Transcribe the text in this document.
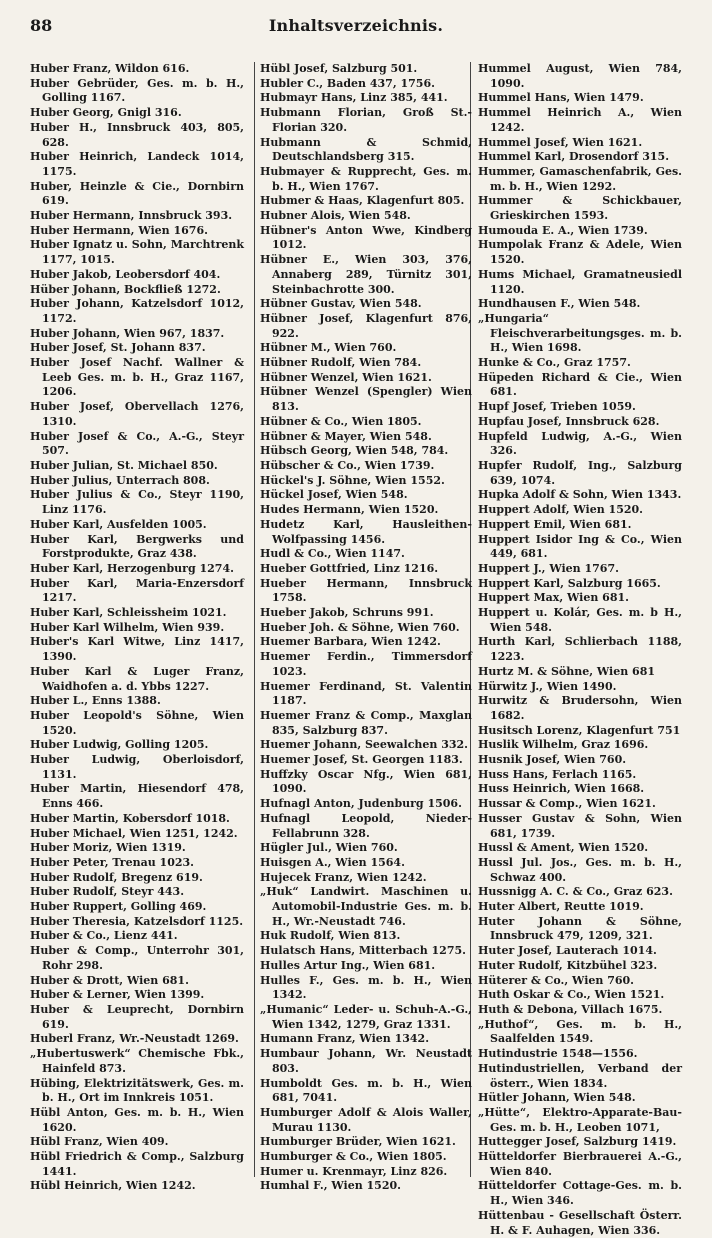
88	Inhaltsverzeichnis.
Huber Franz, Wildon 616.
Huber Gebrüder, Ges. m. b. H., Golling 1167.
Huber Georg, Gnigl 316.
Huber H., Innsbruck 403, 805, 628.
Huber Heinrich, Landeck 1014, 1175.
Huber, Heinzle & Cie., Dornbirn 619.
Huber Hermann, Innsbruck 393.
Huber Hermann, Wien 1676.
Huber Ignatz u. Sohn, Marchtrenk 1177, 1015.
Huber Jakob, Leobersdorf 404.
Hüber Johann, Bockfließ 1272.
Huber Johann, Katzelsdorf 1012, 1172.
Huber Johann, Wien 967, 1837.
Huber Josef, St. Johann 837.
Huber Josef Nachf. Wallner & Leeb Ges. m. b. H., Graz 1167, 1206.
Huber Josef, Obervellach 1276, 1310.
Huber Josef & Co., A.-G., Steyr 507.
Huber Julian, St. Michael 850.
Huber Julius, Unterrach 808.
Huber Julius & Co., Steyr 1190, Linz 1176.
Huber Karl, Ausfelden 1005.
Huber Karl, Bergwerks und Forstprodukte, Graz 438.
Huber Karl, Herzogenburg 1274.
Huber Karl, Maria-Enzersdorf 1217.
Huber Karl, Schleissheim 1021.
Huber Karl Wilhelm, Wien 939.
Huber's Karl Witwe, Linz 1417, 1390.
Huber Karl & Luger Franz, Waidhofen a. d. Ybbs 1227.
Huber L., Enns 1388.
Huber Leopold's Söhne, Wien 1520.
Huber Ludwig, Golling 1205.
Huber Ludwig, Oberloisdorf, 1131.
Huber Martin, Hiesendorf 478, Enns 466.
Huber Martin, Kobersdorf 1018.
Huber Michael, Wien 1251, 1242.
Huber Moriz, Wien 1319.
Huber Peter, Trenau 1023.
Huber Rudolf, Bregenz 619.
Huber Rudolf, Steyr 443.
Huber Ruppert, Golling 469.
Huber Theresia, Katzelsdorf 1125.
Huber & Co., Lienz 441.
Huber & Comp., Unterrohr 301, Rohr 298.
Huber & Drott, Wien 681.
Huber & Lerner, Wien 1399.
Huber & Leuprecht, Dornbirn 619.
Huberl Franz, Wr.-Neustadt 1269.
„Hubertuswerk“ Chemische Fbk., Hainfeld 873.
Hübing, Elektrizitätswerk, Ges. m. b. H., Ort im Innkreis 1051.
Hübl Anton, Ges. m. b. H., Wien 1620.
Hübl Franz, Wien 409.
Hübl Friedrich & Comp., Salzburg 1441.
Hübl Heinrich, Wien 1242.
Hübl Josef, Salzburg 501.
Hubler C., Baden 437, 1756.
Hubmayr Hans, Linz 385, 441.
Hubmann Florian, Groß St.-Florian 320.
Hubmann & Schmid, Deutschlandsberg 315.
Hubmayer & Rupprecht, Ges. m. b. H., Wien 1767.
Hubmer & Haas, Klagenfurt 805.
Hubner Alois, Wien 548.
Hübner's Anton Wwe, Kindberg 1012.
Hübner E., Wien 303, 376, Annaberg 289, Türnitz 301, Steinbachrotte 300.
Hübner Gustav, Wien 548.
Hübner Josef, Klagenfurt 876, 922.
Hübner M., Wien 760.
Hübner Rudolf, Wien 784.
Hübner Wenzel, Wien 1621.
Hübner Wenzel (Spengler) Wien 813.
Hübner & Co., Wien 1805.
Hübner & Mayer, Wien 548.
Hübsch Georg, Wien 548, 784.
Hübscher & Co., Wien 1739.
Hückel's J. Söhne, Wien 1552.
Hückel Josef, Wien 548.
Hudes Hermann, Wien 1520.
Hudetz Karl, Hausleithen-Wolfpassing 1456.
Hudl & Co., Wien 1147.
Hueber Gottfried, Linz 1216.
Hueber Hermann, Innsbruck 1758.
Hueber Jakob, Schruns 991.
Hueber Joh. & Söhne, Wien 760.
Huemer Barbara, Wien 1242.
Huemer Ferdin., Timmersdorf 1023.
Huemer Ferdinand, St. Valentin 1187.
Huemer Franz & Comp., Maxglan 835, Salzburg 837.
Huemer Johann, Seewalchen 332.
Huemer Josef, St. Georgen 1183.
Huffzky Oscar Nfg., Wien 681, 1090.
Hufnagl Anton, Judenburg 1506.
Hufnagl Leopold, Nieder-Fellabrunn 328.
Hügler Jul., Wien 760.
Huisgen A., Wien 1564.
Hujecek Franz, Wien 1242.
„Huk“ Landwirt. Maschinen u. Automobil-Industrie Ges. m. b. H., Wr.-Neustadt 746.
Huk Rudolf, Wien 813.
Hulatsch Hans, Mitterbach 1275.
Hulles Artur Ing., Wien 681.
Hulles F., Ges. m. b. H., Wien 1342.
„Humanic“ Leder- u. Schuh-A.-G., Wien 1342, 1279, Graz 1331.
Humann Franz, Wien 1342.
Humbaur Johann, Wr. Neustadt 803.
Humboldt Ges. m. b. H., Wien 681, 7041.
Humburger Adolf & Alois Waller, Murau 1130.
Humburger Brüder, Wien 1621.
Humburger & Co., Wien 1805.
Humer u. Krenmayr, Linz 826.
Humhal F., Wien 1520.
Hummel August, Wien 784, 1090.
Hummel Hans, Wien 1479.
Hummel Heinrich A., Wien 1242.
Hummel Josef, Wien 1621.
Hummel Karl, Drosendorf 315.
Hummer, Gamaschenfabrik, Ges. m. b. H., Wien 1292.
Hummer & Schickbauer, Grieskirchen 1593.
Humouda E. A., Wien 1739.
Humpolak Franz & Adele, Wien 1520.
Hums Michael, Gramatneusiedl 1120.
Hundhausen F., Wien 548.
„Hungaria“ Fleischverarbeitungsges. m. b. H., Wien 1698.
Hunke & Co., Graz 1757.
Hüpeden Richard & Cie., Wien 681.
Hupf Josef, Trieben 1059.
Hupfau Josef, Innsbruck 628.
Hupfeld Ludwig, A.-G., Wien 326.
Hupfer Rudolf, Ing., Salzburg 639, 1074.
Hupka Adolf & Sohn, Wien 1343.
Huppert Adolf, Wien 1520.
Huppert Emil, Wien 681.
Huppert Isidor Ing & Co., Wien 449, 681.
Huppert J., Wien 1767.
Huppert Karl, Salzburg 1665.
Huppert Max, Wien 681.
Huppert u. Kolár, Ges. m. b H., Wien 548.
Hurth Karl, Schlierbach 1188, 1223.
Hurtz M. & Söhne, Wien 681
Hürwitz J., Wien 1490.
Hurwitz & Brudersohn, Wien 1682.
Husitsch Lorenz, Klagenfurt 751
Huslik Wilhelm, Graz 1696.
Husnik Josef, Wien 760.
Huss Hans, Ferlach 1165.
Huss Heinrich, Wien 1668.
Hussar & Comp., Wien 1621.
Husser Gustav & Sohn, Wien 681, 1739.
Hussl & Ament, Wien 1520.
Hussl Jul. Jos., Ges. m. b. H., Schwaz 400.
Hussnigg A. C. & Co., Graz 623.
Huter Albert, Reutte 1019.
Huter Johann & Söhne, Innsbruck 479, 1209, 321.
Huter Josef, Lauterach 1014.
Huter Rudolf, Kitzbühel 323.
Hüterer & Co., Wien 760.
Huth Oskar & Co., Wien 1521.
Huth & Debona, Villach 1675.
„Huthof“, Ges. m. b. H., Saalfelden 1549.
Hutindustrie 1548—1556.
Hutindustriellen, Verband der österr., Wien 1834.
Hütler Johann, Wien 548.
„Hütte“, Elektro-Apparate-Bau-Ges. m. b. H., Leoben 1071,
Huttegger Josef, Salzburg 1419.
Hütteldorfer Bierbrauerei A.-G., Wien 840.
Hütteldorfer Cottage-Ges. m. b. H., Wien 346.
Hüttenbau - Gesellschaft Österr. H. & F. Auhagen, Wien 336.
